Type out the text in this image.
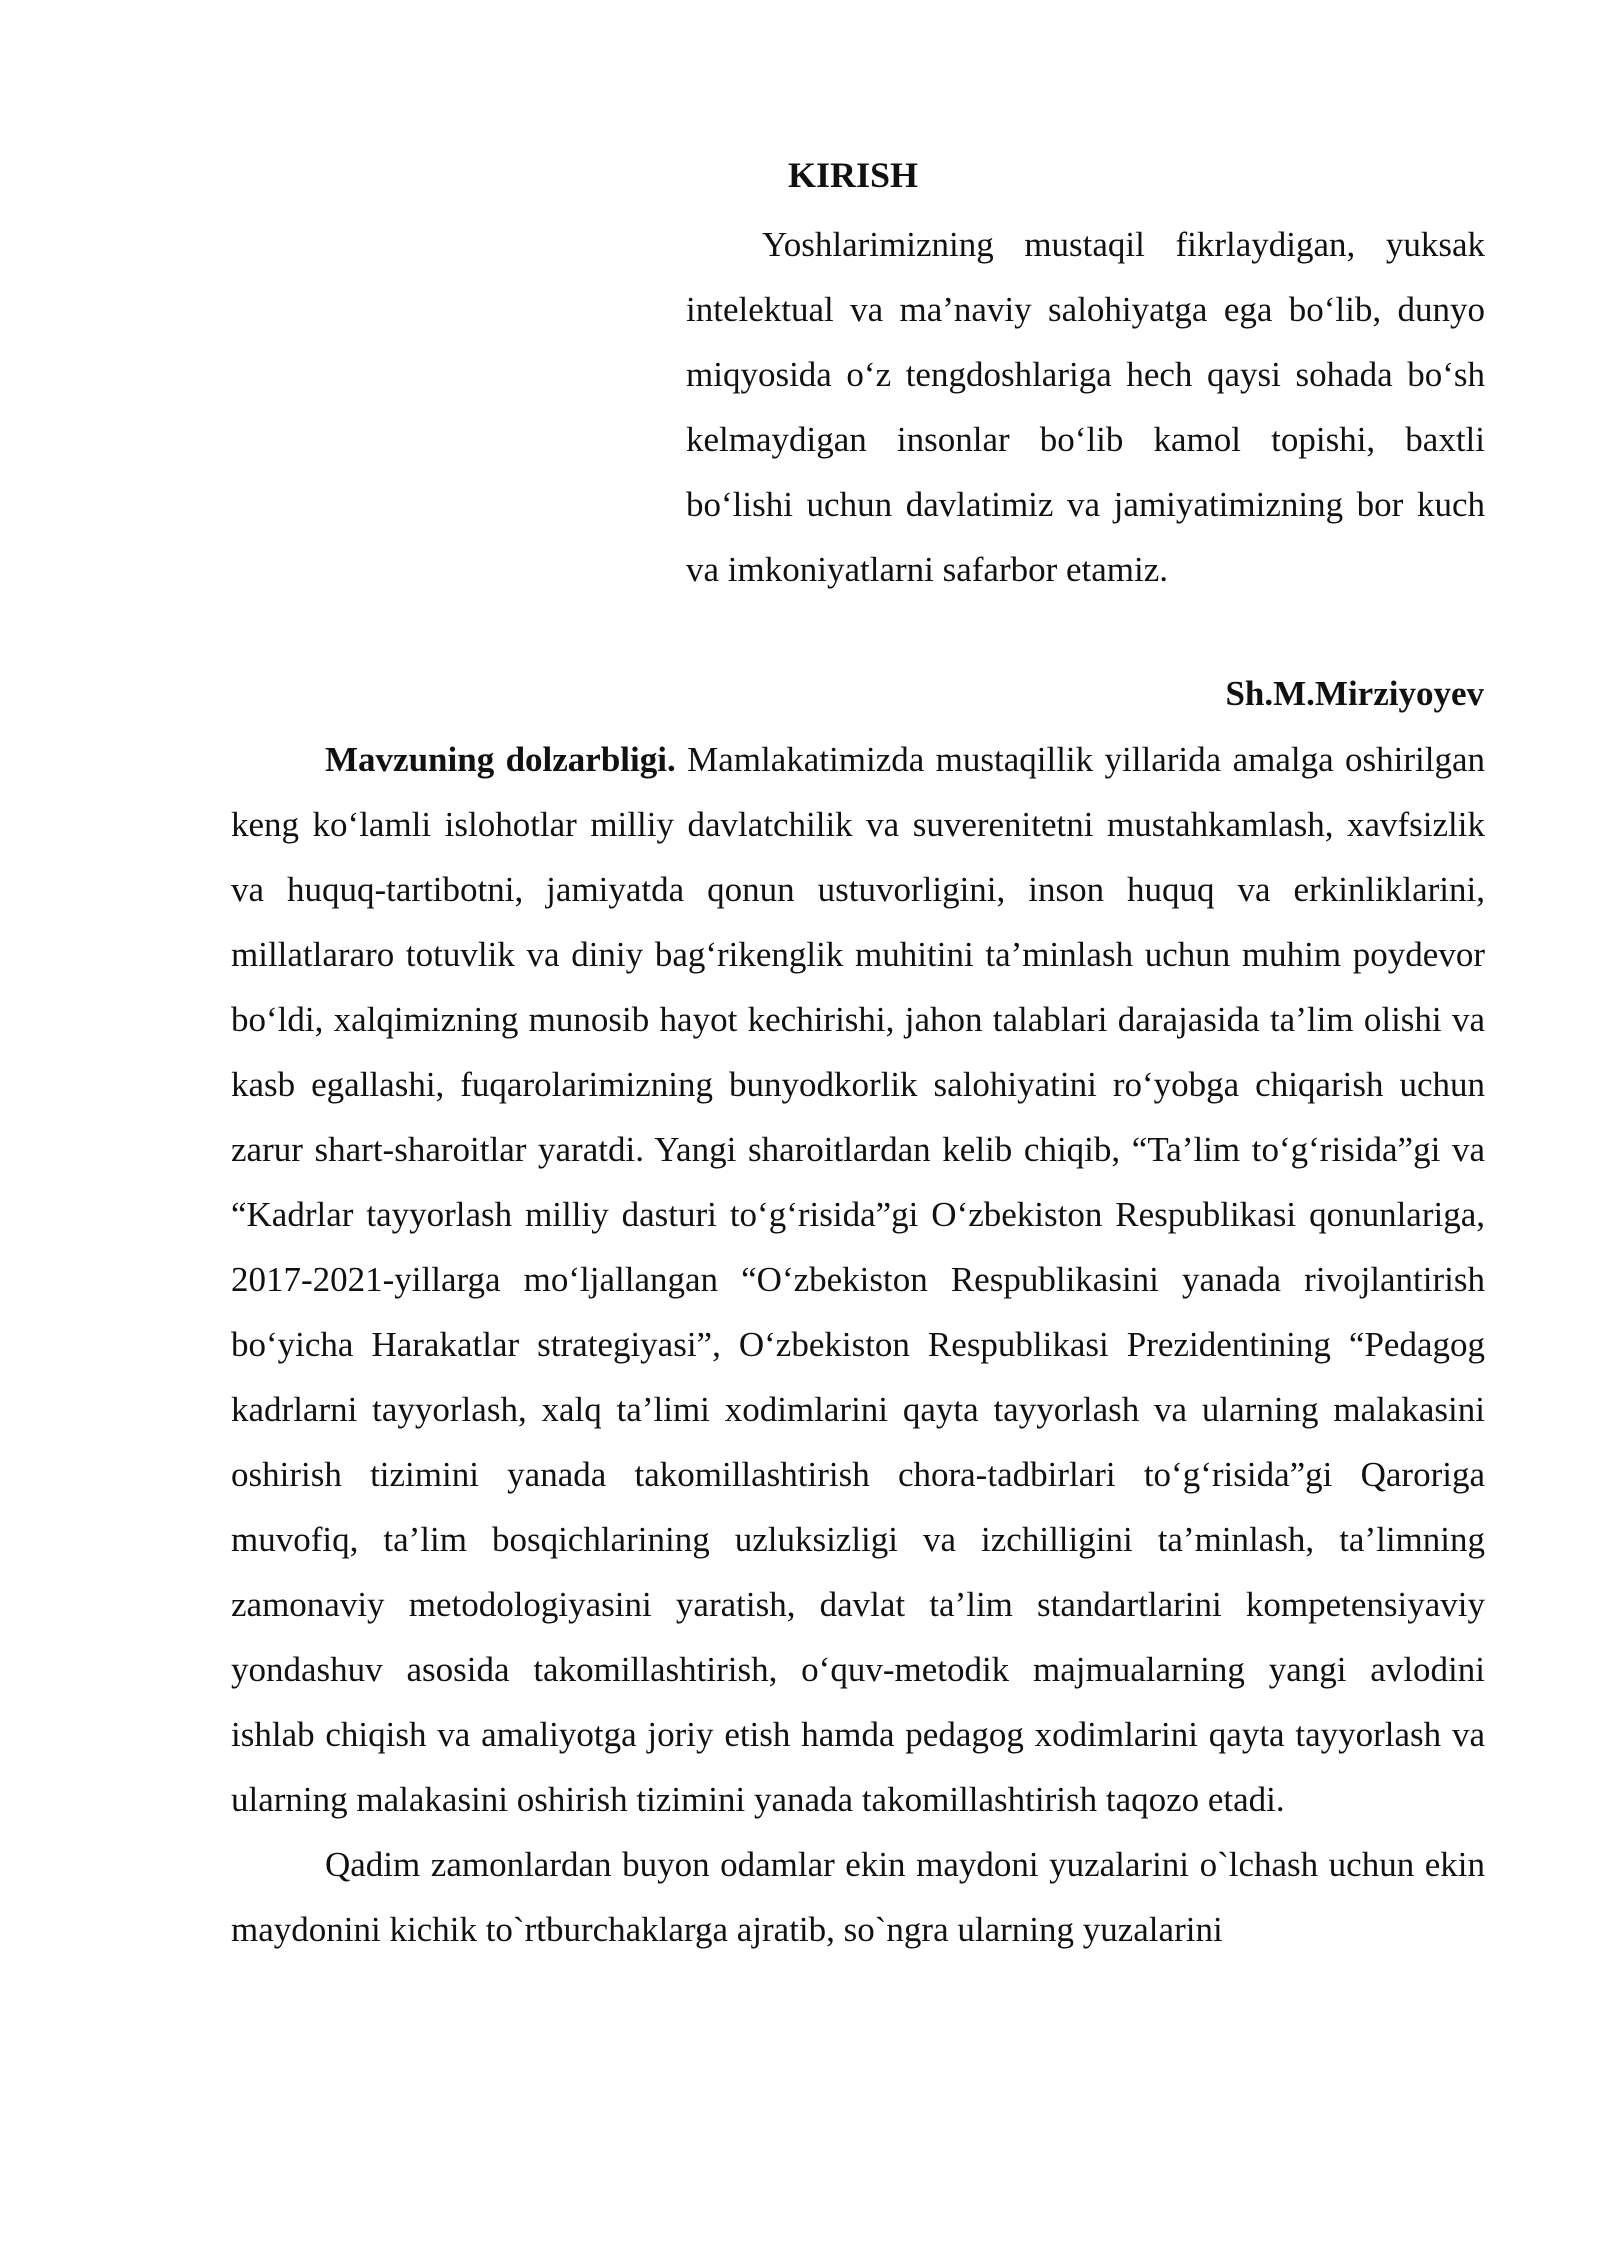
KIRISH

Yoshlarimizning mustaqil fikrlaydigan, yuksak intelektual va ma’naviy salohiyatga ega bo‘lib, dunyo miqyosida o‘z tengdoshlariga hech qaysi sohada bo‘sh kelmaydigan insonlar bo‘lib kamol topishi, baxtli bo‘lishi uchun davlatimiz va jamiyatimizning bor kuch va imkoniyatlarni safarbor etamiz.

Sh.M.Mirziyoyev

Mavzuning dolzarbligi. Mamlakatimizda mustaqillik yillarida amalga oshirilgan keng ko‘lamli islohotlar milliy davlatchilik va suverenitetni mustahkamlash, xavfsizlik va huquq-tartibotni, jamiyatda qonun ustuvorligini, inson huquq va erkinliklarini, millatlararo totuvlik va diniy bag‘rikenglik muhitini ta’minlash uchun muhim poydevor bo‘ldi, xalqimizning munosib hayot kechirishi, jahon talablari darajasida ta’lim olishi va kasb egallashi, fuqarolarimizning bunyodkorlik salohiyatini ro‘yobga chiqarish uchun zarur shart-sharoitlar yaratdi. Yangi sharoitlardan kelib chiqib, “Ta’lim to‘g‘risida”gi va “Kadrlar tayyorlash milliy dasturi to‘g‘risida”gi O‘zbekiston Respublikasi qonunlariga, 2017-2021-yillarga mo‘ljallangan “O‘zbekiston Respublikasini yanada rivojlantirish bo‘yicha Harakatlar strategiyasi”, O‘zbekiston Respublikasi Prezidentining “Pedagog kadrlarni tayyorlash, xalq ta’limi xodimlarini qayta tayyorlash va ularning malakasini oshirish tizimini yanada takomillashtirish chora-tadbirlari to‘g‘risida”gi Qaroriga muvofiq, ta’lim bosqichlarining uzluksizligi va izchilligini ta’minlash, ta’limning zamonaviy metodologiyasini yaratish, davlat ta’lim standartlarini kompetensiyaviy yondashuv asosida takomillashtirish, o‘quv-metodik majmualarning yangi avlodini ishlab chiqish va amaliyotga joriy etish hamda pedagog xodimlarini qayta tayyorlash va ularning malakasini oshirish tizimini yanada takomillashtirish taqozo etadi.

Qadim zamonlardan buyon odamlar ekin maydoni yuzalarini o`lchash uchun ekin maydonini kichik to`rtburchaklarga ajratib, so`ngra ularning yuzalarini
